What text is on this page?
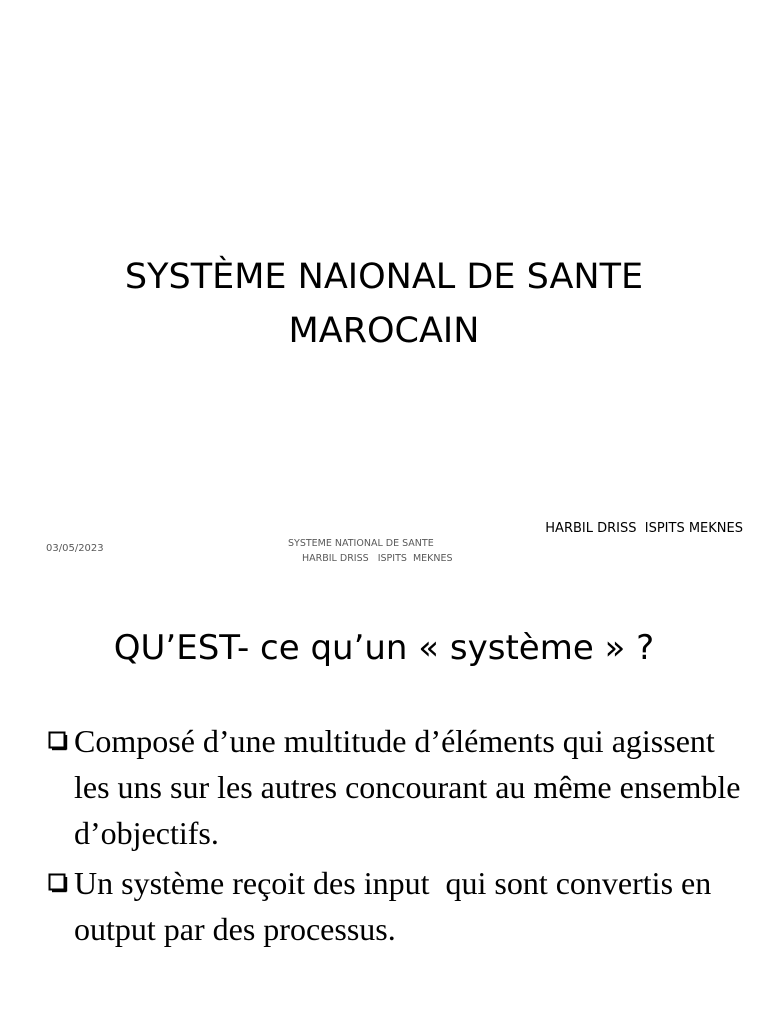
SYSTÈME NAIONAL DE SANTE
MAROCAIN
HARBIL DRISS  ISPITS MEKNES
03/05/2023	SYSTEME NATIONAL DE SANTE
HARBIL DRISS   ISPITS  MEKNES
QU’EST- ce qu’un « système » ?
Composé d’une multitude d’éléments qui agissent les uns sur les autres concourant au même ensemble d’objectifs.
Un système reçoit des input  qui sont convertis en output par des processus.
